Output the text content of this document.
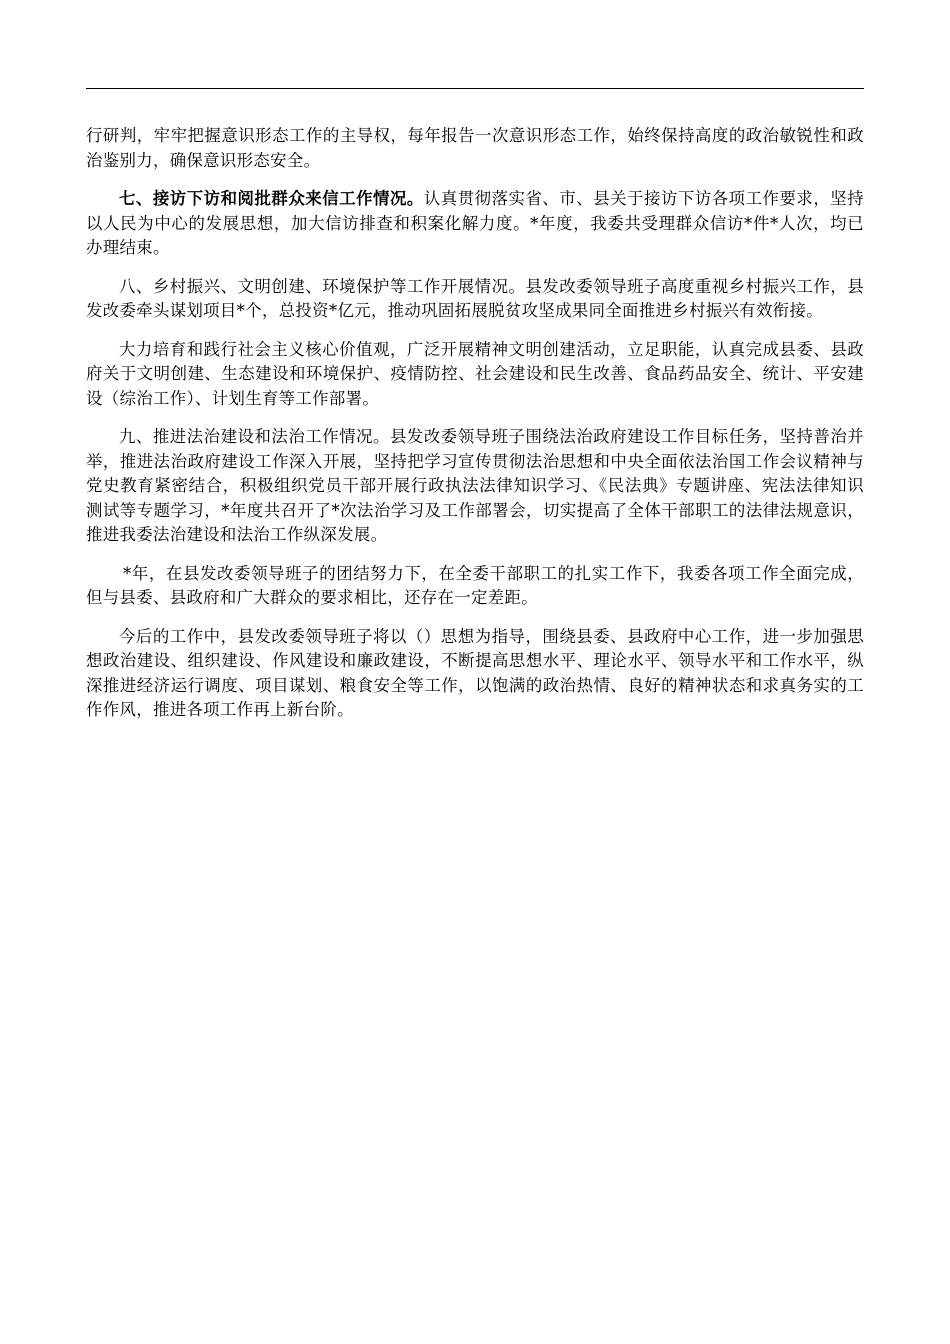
行研判，牢牢把握意识形态工作的主导权，每年报告一次意识形态工作，始终保持高度的政治敏锐性和政治鉴别力，确保意识形态安全。

七、接访下访和阅批群众来信工作情况。认真贯彻落实省、市、县关于接访下访各项工作要求，坚持以人民为中心的发展思想，加大信访排查和积案化解力度。*年度，我委共受理群众信访*件*人次，均已办理结束。

八、乡村振兴、文明创建、环境保护等工作开展情况。县发改委领导班子高度重视乡村振兴工作，县发改委牵头谋划项目*个，总投资*亿元，推动巩固拓展脱贫攻坚成果同全面推进乡村振兴有效衔接。

大力培育和践行社会主义核心价值观，广泛开展精神文明创建活动，立足职能，认真完成县委、县政府关于文明创建、生态建设和环境保护、疫情防控、社会建设和民生改善、食品药品安全、统计、平安建设（综治工作）、计划生育等工作部署。

九、推进法治建设和法治工作情况。县发改委领导班子围绕法治政府建设工作目标任务，坚持普治并举，推进法治政府建设工作深入开展，坚持把学习宣传贯彻法治思想和中央全面依法治国工作会议精神与党史教育紧密结合，积极组织党员干部开展行政执法法律知识学习、《民法典》专题讲座、宪法法律知识测试等专题学习，*年度共召开了*次法治学习及工作部署会，切实提高了全体干部职工的法律法规意识，推进我委法治建设和法治工作纵深发展。

*年，在县发改委领导班子的团结努力下，在全委干部职工的扎实工作下，我委各项工作全面完成，但与县委、县政府和广大群众的要求相比，还存在一定差距。

今后的工作中，县发改委领导班子将以（）思想为指导，围绕县委、县政府中心工作，进一步加强思想政治建设、组织建设、作风建设和廉政建设，不断提高思想水平、理论水平、领导水平和工作水平，纵深推进经济运行调度、项目谋划、粮食安全等工作，以饱满的政治热情、良好的精神状态和求真务实的工作作风，推进各项工作再上新台阶。
